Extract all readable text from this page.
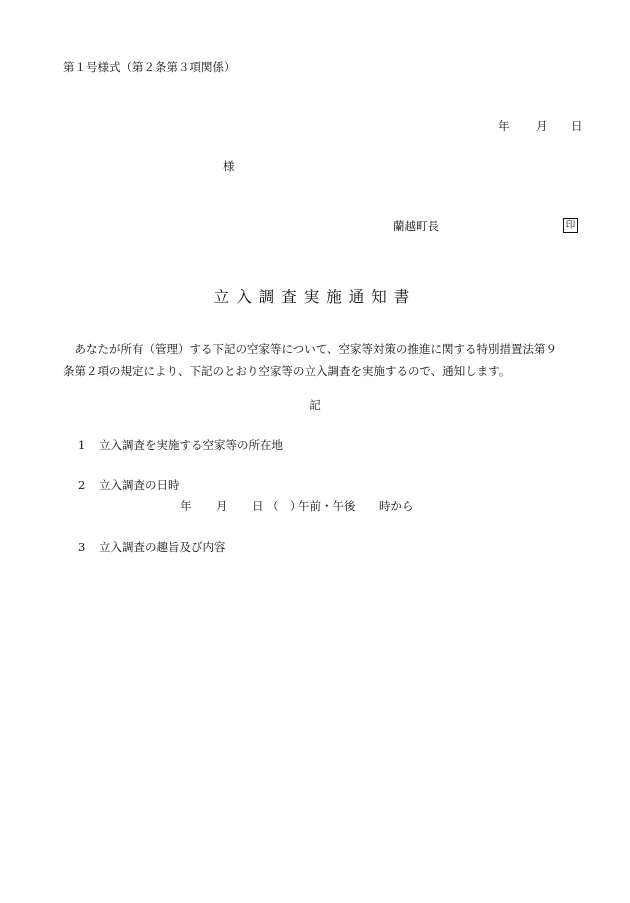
第１号様式（第２条第３項関係）
年 月 日
様
蘭越町長	印
立入調査実施通知書
　あなたが所有（管理）する下記の空家等について、空家等対策の推進に関する特別措置法第９
条第２項の規定により、下記のとおり空家等の立入調査を実施するので、通知します。
記
1 立入調査を実施する空家等の所在地
2 立入調査の日時
年 月 日 （　）
午前・午後 時から
3 立入調査の趣旨及び内容
